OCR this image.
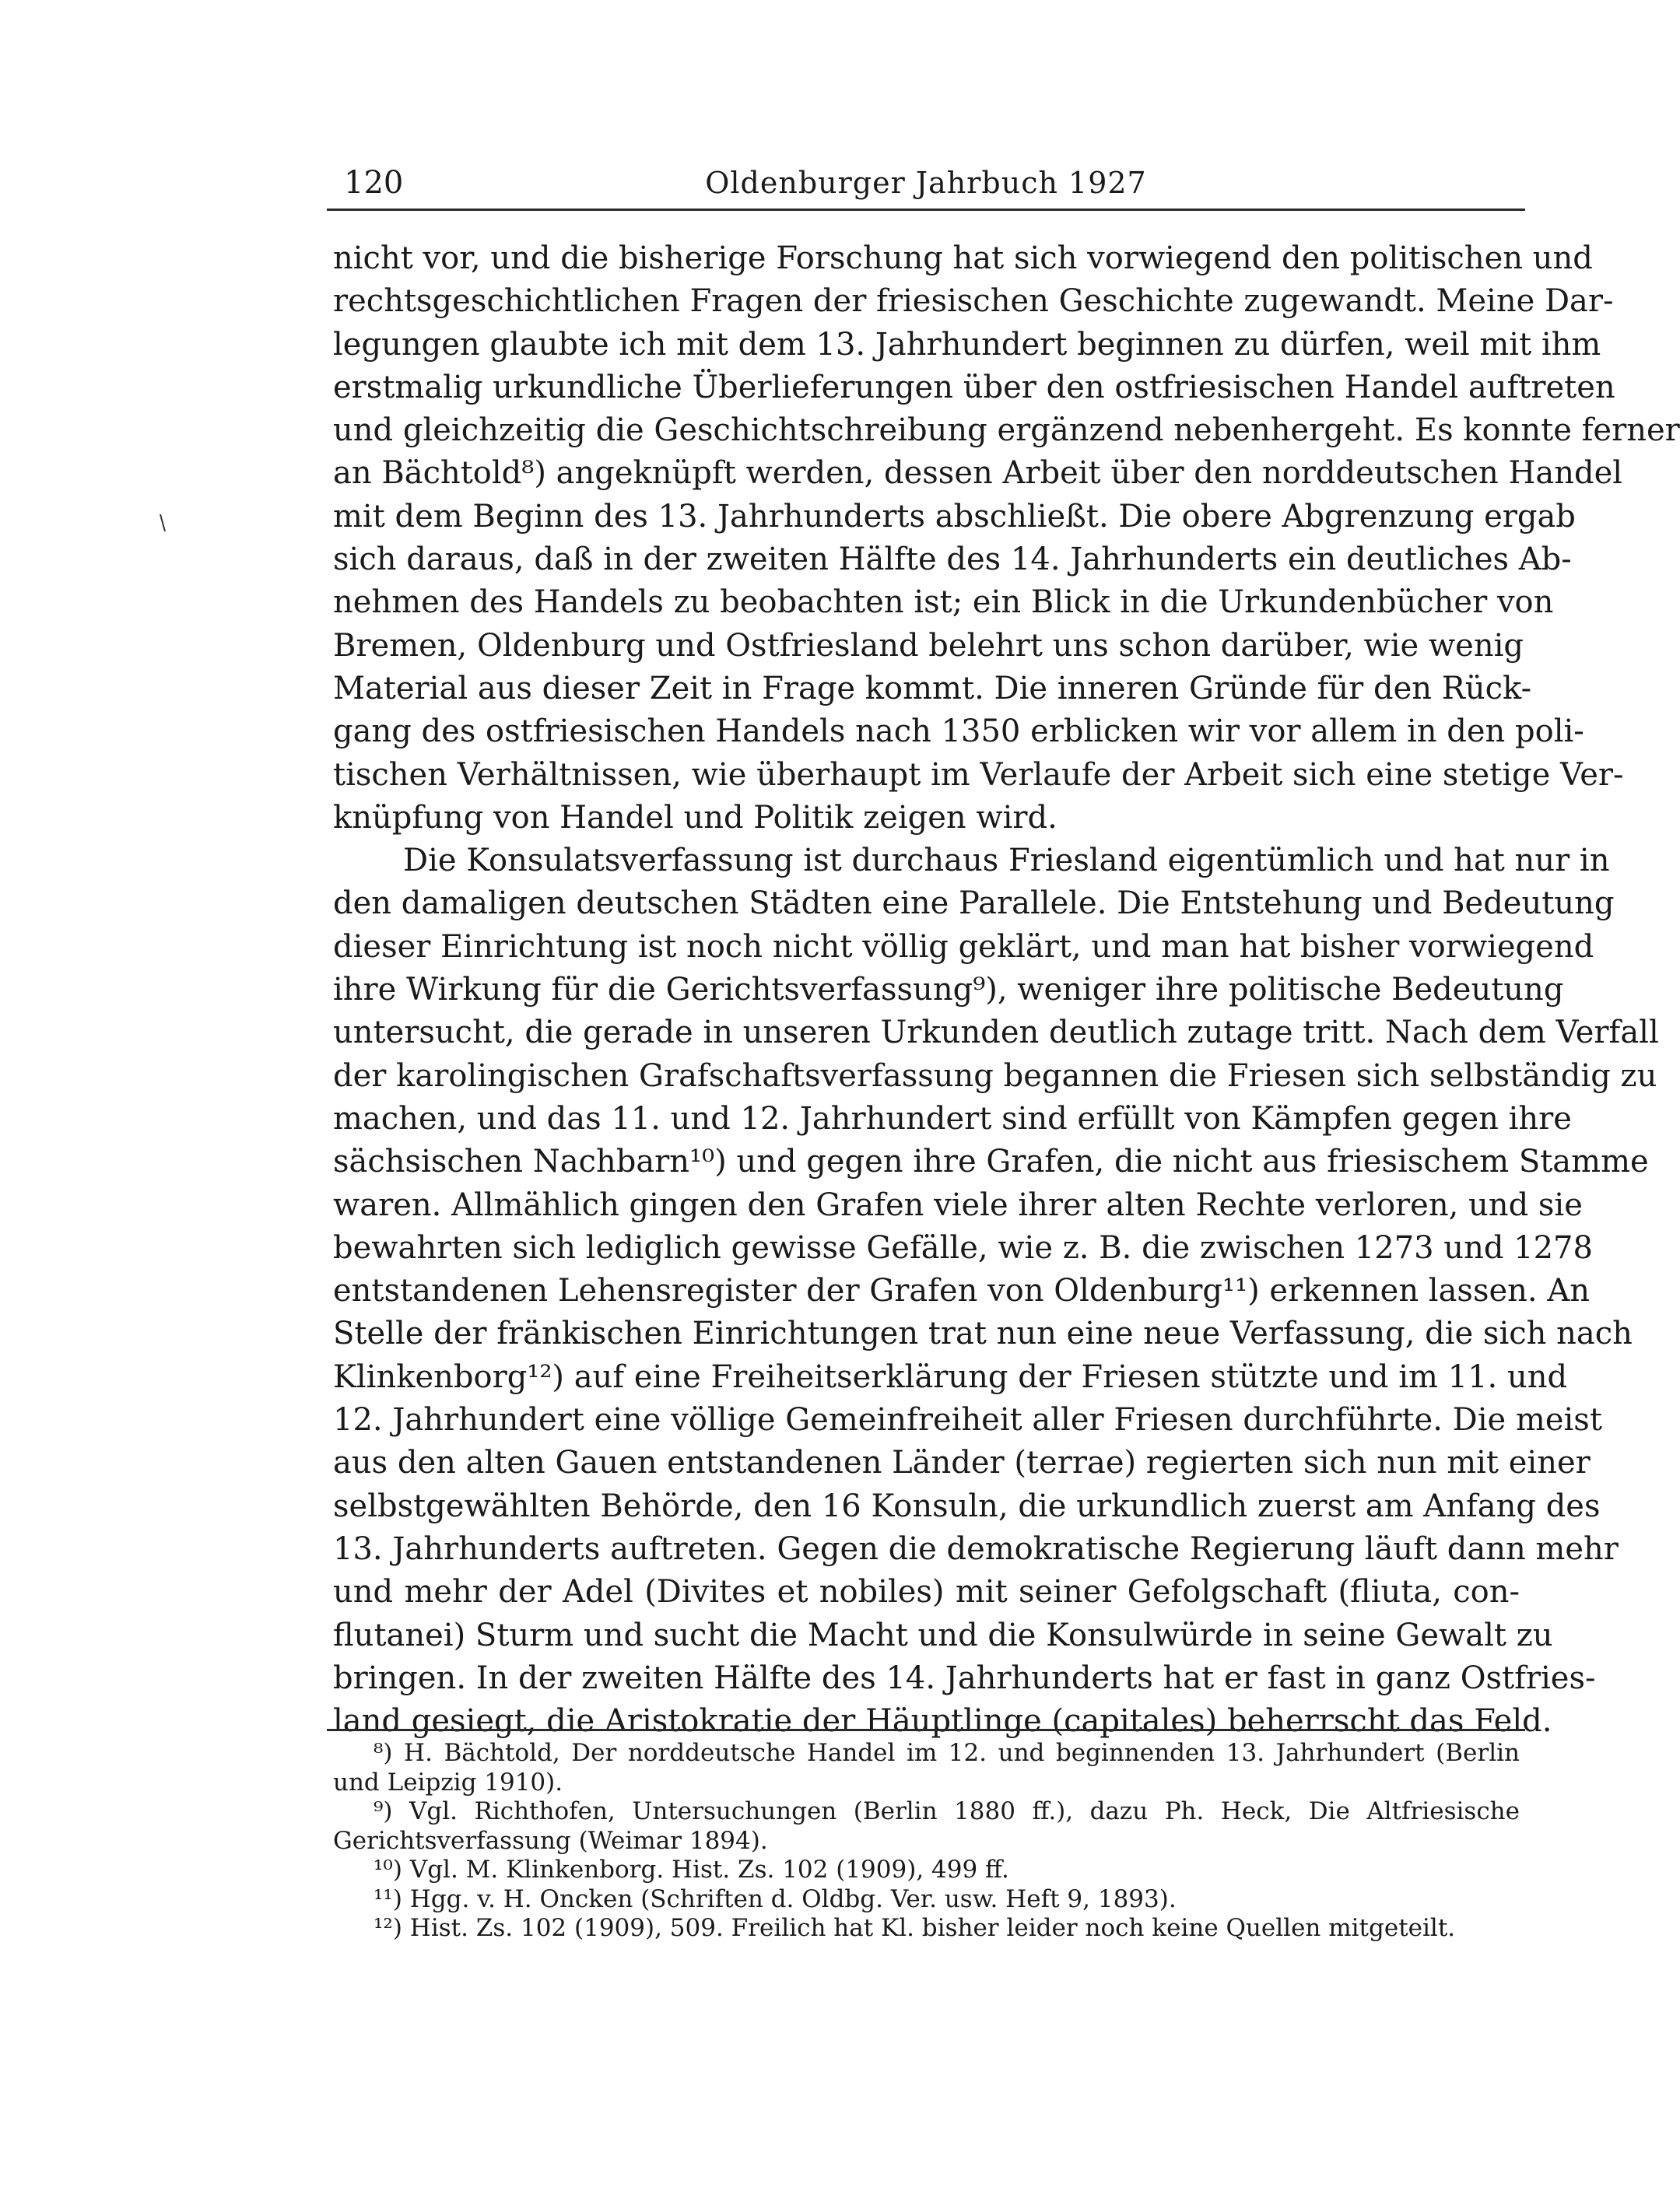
120	Oldenburger Jahrbuch 1927
nicht vor, und die bisherige Forschung hat sich vorwiegend den politischen und
rechtsgeschichtlichen Fragen der friesischen Geschichte zugewandt. Meine Dar-
legungen glaubte ich mit dem 13. Jahrhundert beginnen zu dürfen, weil mit ihm
erstmalig urkundliche Überlieferungen über den ostfriesischen Handel auftreten
und gleichzeitig die Geschichtschreibung ergänzend nebenhergeht. Es konnte ferner
an Bächtold⁸) angeknüpft werden, dessen Arbeit über den norddeutschen Handel
mit dem Beginn des 13. Jahrhunderts abschließt. Die obere Abgrenzung ergab
sich daraus, daß in der zweiten Hälfte des 14. Jahrhunderts ein deutliches Ab-
nehmen des Handels zu beobachten ist; ein Blick in die Urkundenbücher von
Bremen, Oldenburg und Ostfriesland belehrt uns schon darüber, wie wenig
Material aus dieser Zeit in Frage kommt. Die inneren Gründe für den Rück-
gang des ostfriesischen Handels nach 1350 erblicken wir vor allem in den poli-
tischen Verhältnissen, wie überhaupt im Verlaufe der Arbeit sich eine stetige Ver-
knüpfung von Handel und Politik zeigen wird.
Die Konsulatsverfassung ist durchaus Friesland eigentümlich und hat nur in
den damaligen deutschen Städten eine Parallele. Die Entstehung und Bedeutung
dieser Einrichtung ist noch nicht völlig geklärt, und man hat bisher vorwiegend
ihre Wirkung für die Gerichtsverfassung⁹), weniger ihre politische Bedeutung
untersucht, die gerade in unseren Urkunden deutlich zutage tritt. Nach dem Verfall
der karolingischen Grafschaftsverfassung begannen die Friesen sich selbständig zu
machen, und das 11. und 12. Jahrhundert sind erfüllt von Kämpfen gegen ihre
sächsischen Nachbarn¹⁰) und gegen ihre Grafen, die nicht aus friesischem Stamme
waren. Allmählich gingen den Grafen viele ihrer alten Rechte verloren, und sie
bewahrten sich lediglich gewisse Gefälle, wie z. B. die zwischen 1273 und 1278
entstandenen Lehensregister der Grafen von Oldenburg¹¹) erkennen lassen. An
Stelle der fränkischen Einrichtungen trat nun eine neue Verfassung, die sich nach
Klinkenborg¹²) auf eine Freiheitserklärung der Friesen stützte und im 11. und
12. Jahrhundert eine völlige Gemeinfreiheit aller Friesen durchführte. Die meist
aus den alten Gauen entstandenen Länder (terrae) regierten sich nun mit einer
selbstgewählten Behörde, den 16 Konsuln, die urkundlich zuerst am Anfang des
13. Jahrhunderts auftreten. Gegen die demokratische Regierung läuft dann mehr
und mehr der Adel (Divites et nobiles) mit seiner Gefolgschaft (fliuta, con-
flutanei) Sturm und sucht die Macht und die Konsulwürde in seine Gewalt zu
bringen. In der zweiten Hälfte des 14. Jahrhunderts hat er fast in ganz Ostfries-
land gesiegt, die Aristokratie der Häuptlinge (capitales) beherrscht das Feld.
⁸) H. Bächtold, Der norddeutsche Handel im 12. und beginnenden 13. Jahrhundert (Berlin
und Leipzig 1910).
⁹) Vgl. Richthofen, Untersuchungen (Berlin 1880 ff.), dazu Ph. Heck, Die Altfriesische
Gerichtsverfassung (Weimar 1894).
¹⁰) Vgl. M. Klinkenborg. Hist. Zs. 102 (1909), 499 ff.
¹¹) Hgg. v. H. Oncken (Schriften d. Oldbg. Ver. usw. Heft 9, 1893).
¹²) Hist. Zs. 102 (1909), 509. Freilich hat Kl. bisher leider noch keine Quellen mitgeteilt.
